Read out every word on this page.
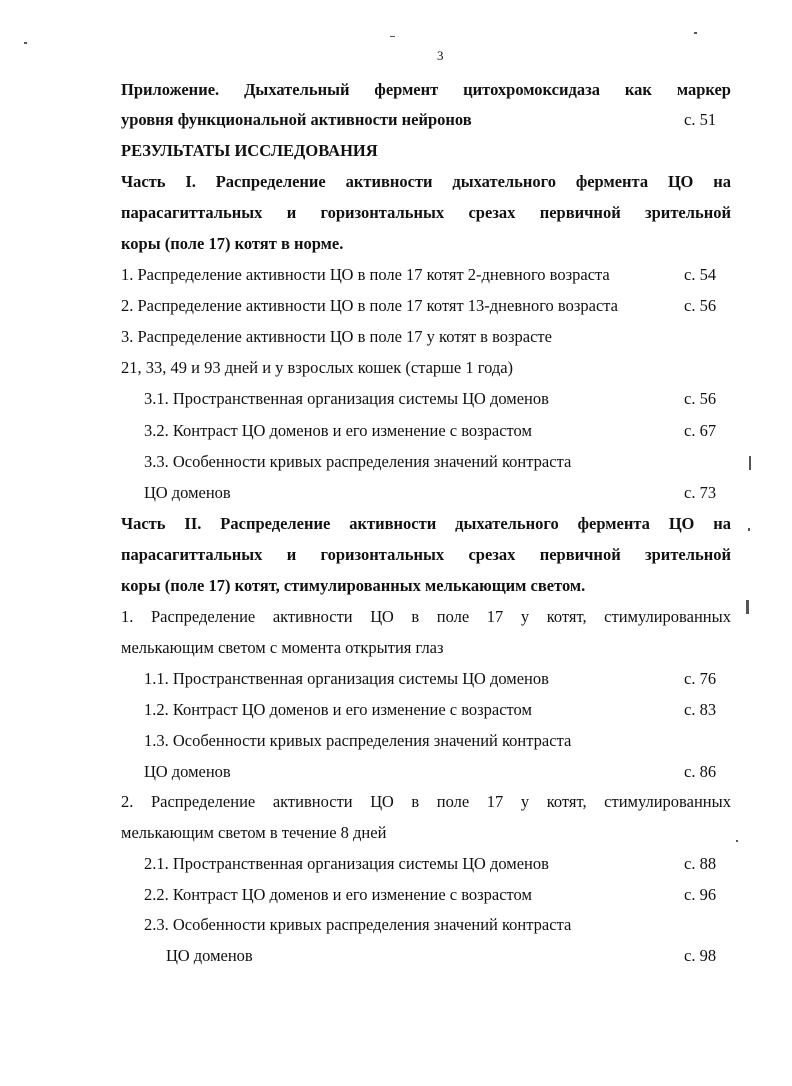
3
Приложение. Дыхательный фермент цитохромоксидаза как маркер
уровня функциональной активности нейронов	с. 51
РЕЗУЛЬТАТЫ ИССЛЕДОВАНИЯ
Часть I. Распределение активности дыхательного фермента ЦО на
парасагиттальных и горизонтальных срезах первичной зрительной
коры (поле 17) котят в норме.
1. Распределение активности ЦО в поле 17 котят 2-дневного возраста	с. 54
2. Распределение активности ЦО в поле 17 котят 13-дневного возраста	с. 56
3. Распределение активности ЦО в поле 17 у котят в возрасте
21, 33, 49 и 93 дней и у взрослых кошек (старше 1 года)
3.1. Пространственная организация системы ЦО доменов	с. 56
3.2. Контраст ЦО доменов и его изменение с возрастом	с. 67
3.3. Особенности кривых распределения значений контраста
ЦО доменов	с. 73
Часть II. Распределение активности дыхательного фермента ЦО на
парасагиттальных и горизонтальных срезах первичной зрительной
коры (поле 17) котят, стимулированных мелькающим светом.
1. Распределение активности ЦО в поле 17 у котят, стимулированных
мелькающим светом с момента открытия глаз
1.1. Пространственная организация системы ЦО доменов	с. 76
1.2. Контраст ЦО доменов и его изменение с возрастом	с. 83
1.3. Особенности кривых распределения значений контраста
ЦО доменов	с. 86
2. Распределение активности ЦО в поле 17 у котят, стимулированных
мелькающим светом в течение 8 дней
2.1. Пространственная организация системы ЦО доменов	с. 88
2.2. Контраст ЦО доменов и его изменение с возрастом	с. 96
2.3. Особенности кривых распределения значений контраста
ЦО доменов	с. 98
